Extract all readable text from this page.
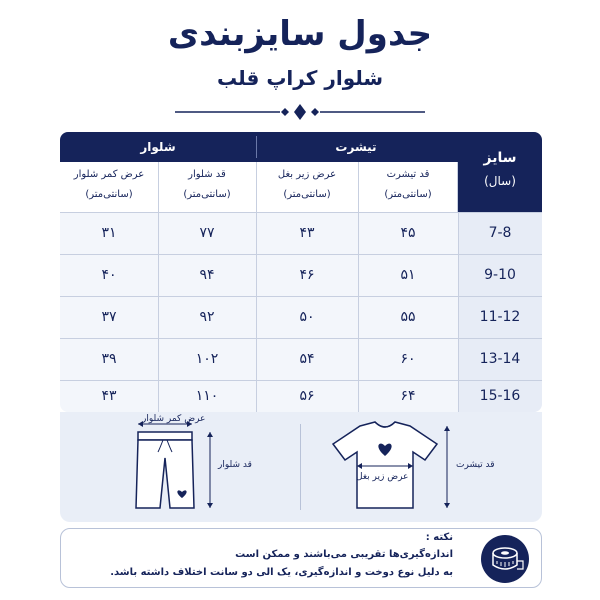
جدول سایزبندی
شلوار کراپ قلب
سایز
(سال)
تیشرت
شلوار
قد تیشرت
(سانتی‌متر)
عرض زیر بغل
(سانتی‌متر)
قد شلوار
(سانتی‌متر)
عرض کمر شلوار
(سانتی‌متر)
7-8
۴۵
۴۳
۷۷
۳۱
9-10
۵۱
۴۶
۹۴
۴۰
11-12
۵۵
۵۰
۹۲
۳۷
13-14
۶۰
۵۴
۱۰۲
۳۹
15-16
۶۴
۵۶
۱۱۰
۴۳
عرض کمر شلوار
قد شلوار
عرض زیر بغل
قد تیشرت
نکته :
اندازه‌گیری‌ها تقریبی می‌باشند و ممکن است
به دلیل نوع دوخت و اندازه‌گیری، یک الی دو سانت اختلاف داشته باشد.
